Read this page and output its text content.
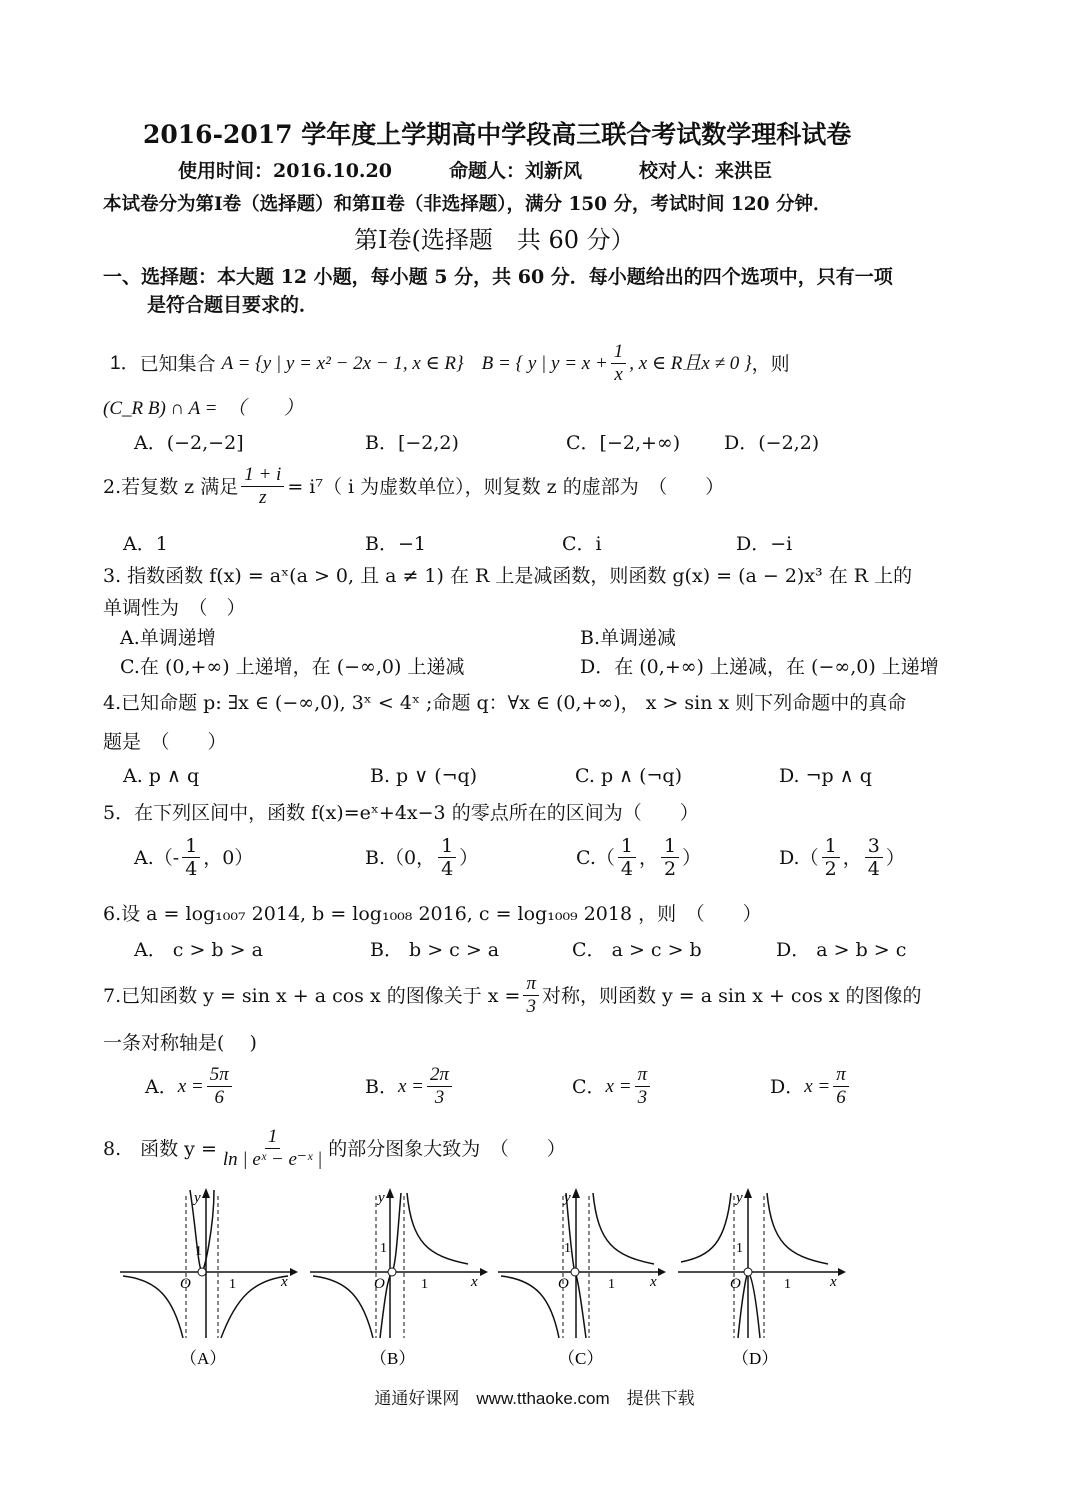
2016-2017 学年度上学期高中学段高三联合考试数学理科试卷
使用时间：2016.10.20　　　命题人：刘新风　　　校对人：来洪臣
本试卷分为第Ⅰ卷（选择题）和第Ⅱ卷（非选择题），满分 150 分，考试时间 120 分钟．
第Ⅰ卷(选择题　共 60 分）
一、选择题：本大题 12 小题，每小题 5 分，共 60 分．每小题给出的四个选项中，只有一项
是符合题目要求的．
1． 已知集合 A = {y | y = x² − 2x − 1, x ∈ R} B = { y | $y = x + \frac{1}{x}$ , x ∈ R且x ≠ 0 } ，则
(C_R B) ∩ A =　（　　）
A．(−2,−2]	B．[−2,2)	C．[−2,+∞) D．(−2,2)
2.若复数 z 满足 $\frac{1 + i}{z} = i^7$（ i 为虚数单位），则复数 z 的虚部为　（　　）
A．1	B．−1	C．i	D．−i
3. 指数函数 f(x) = aˣ(a > 0, 且 a ≠ 1) 在 R 上是减函数，则函数 g(x) = (a − 2)x³ 在 R 上的
单调性为　（　）
A.单调递增	B.单调递减
C.在 (0,+∞) 上递增，在 (−∞,0) 上递减	D．在 (0,+∞) 上递减，在 (−∞,0) 上递增
4.已知命题 p: ∃x ∈ (−∞,0), 3ˣ < 4ˣ ;命题 q：∀x ∈ (0,+∞)， x > sin x 则下列命题中的真命
题是　（　　）
A. p ∧ q	B. p ∨ (¬q)	C. p ∧ (¬q)	D. ¬p ∧ q
5．在下列区间中，函数 f(x)=eˣ+4x−3 的零点所在的区间为（　　）
$A.(- \frac{1}{4}$ ，0）	B.（0， $\frac{1}{4}$ ）	$C.( \frac{1}{4}$ ， $\frac{1}{2}$ ）	$D.( \frac{1}{2}$ ， $\frac{3}{4}$ ）
6.设 a = log₁₀₀₇ 2014, b = log₁₀₀₈ 2016, c = log₁₀₀₉ 2018 ，则　（　　）
A． c > b > a	B． b > c > a	C． a > c > b	D． a > b > c
7.已知函数 y = sin x + a cos x 的图像关于 $x = \frac{\pi}{3}$ 对称，则函数 y = a sin x + cos x 的图像的
一条对称轴是(　 )
A． $x = \frac{5\pi}{6}$	B． $x = \frac{2\pi}{3}$	C． $x = \frac{\pi}{3}$	D． $x = \frac{\pi}{6}$
8.　函数 $y = \frac{1}{\text{ln | eˣ − e⁻ˣ |}}$ 的部分图象大致为　（　　）
y
x
O	1
1
（A）
y
x
O	1
1
（B）
y
x
O	1
1
（C）
y
x
O	1
1
（D）
通通好课网　www.tthaoke.com　提供下载
